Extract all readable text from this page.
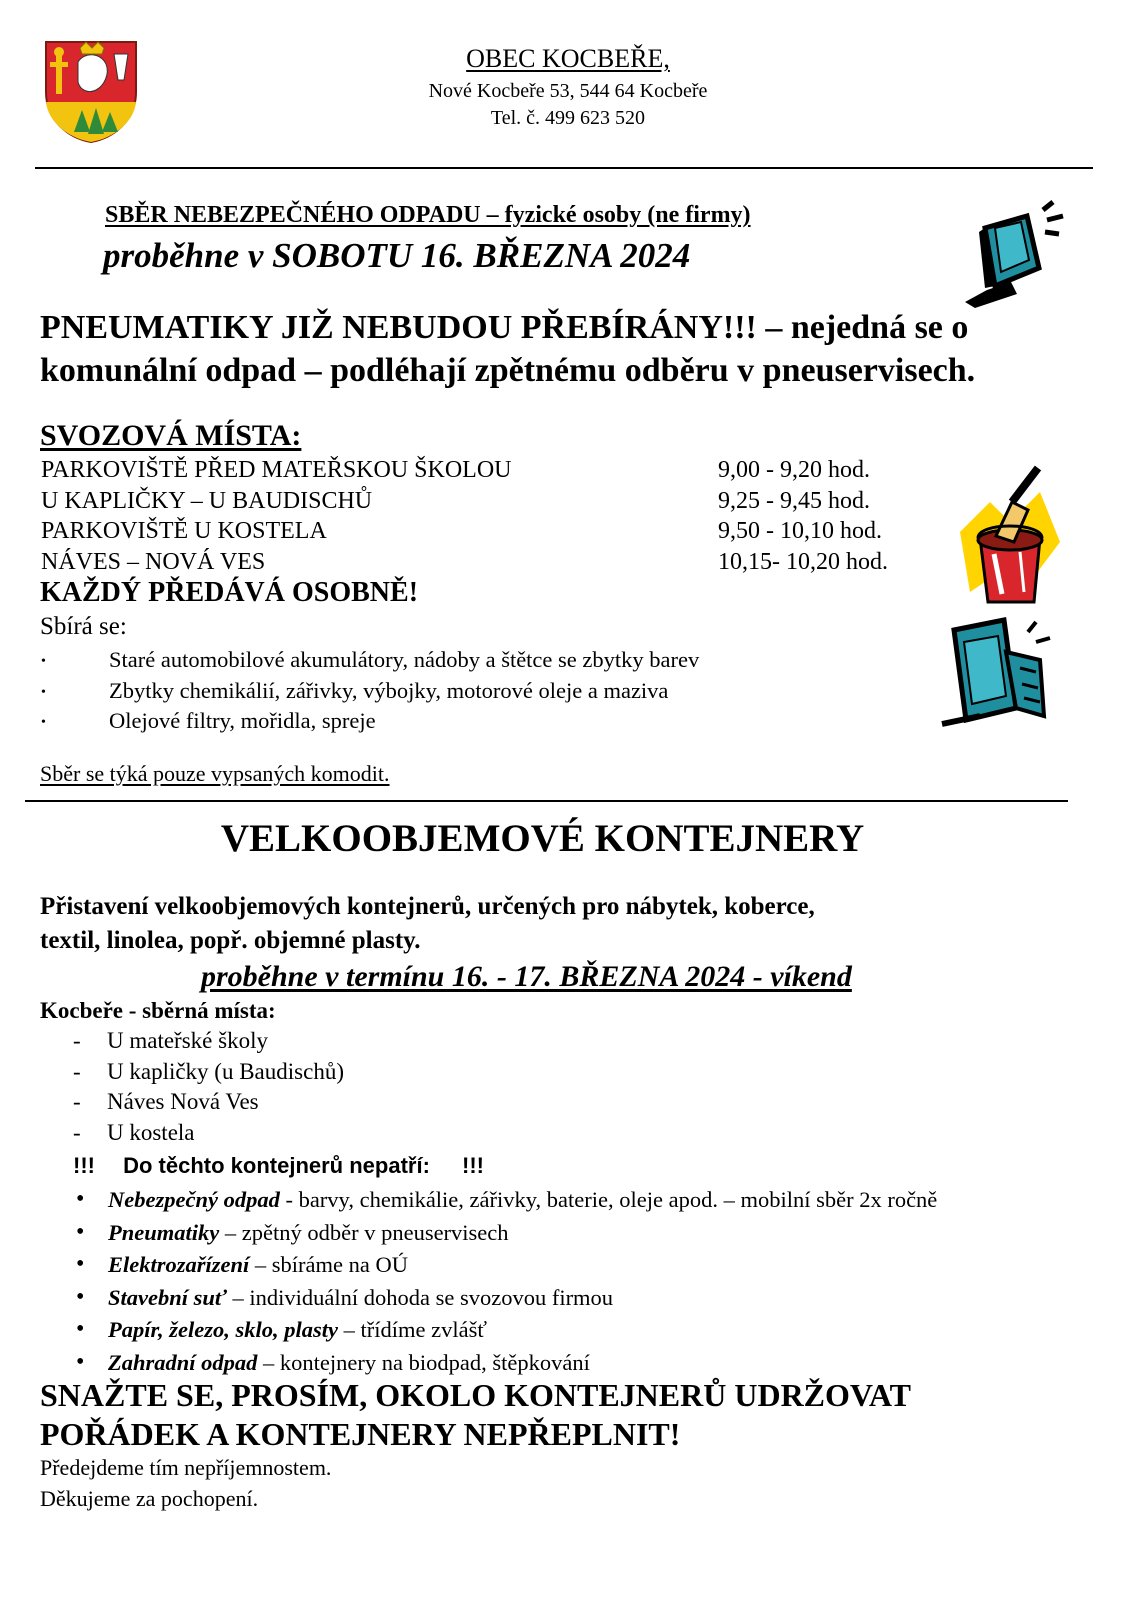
OBEC KOCBEŘE,
Nové Kocbeře 53, 544 64 Kocbeře
Tel. č. 499 623 520
SBĚR NEBEZPEČNÉHO ODPADU – fyzické osoby (ne firmy)
proběhne v SOBOTU 16. BŘEZNA 2024
PNEUMATIKY JIŽ NEBUDOU PŘEBÍRÁNY!!! – nejedná se o
komunální odpad – podléhají zpětnému odběru v pneuservisech.
SVOZOVÁ MÍSTA:
PARKOVIŠTĚ PŘED MATEŘSKOU ŠKOLOU
U KAPLIČKY – U BAUDISCHŮ
PARKOVIŠTĚ U KOSTELA
NÁVES – NOVÁ VES
9,00 - 9,20 hod.
9,25 - 9,45 hod.
9,50 - 10,10 hod.
10,15- 10,20 hod.
KAŽDÝ PŘEDÁVÁ OSOBNĚ!
Sbírá se:
• Staré automobilové akumulátory, nádoby a štětce se zbytky barev
• Zbytky chemikálií, zářivky, výbojky, motorové oleje a maziva
• Olejové filtry, mořidla, spreje
Sběr se týká pouze vypsaných komodit.
VELKOOBJEMOVÉ KONTEJNERY
Přistavení velkoobjemových kontejnerů, určených pro nábytek, koberce,
textil, linolea, popř. objemné plasty.
proběhne v termínu 16. - 17. BŘEZNA 2024 - víkend
Kocbeře - sběrná místa:
- U mateřské školy
- U kapličky (u Baudischů)
- Náves Nová Ves
- U kostela
!!! Do těchto kontejnerů nepatří: !!!
• Nebezpečný odpad - barvy, chemikálie, zářivky, baterie, oleje apod. – mobilní sběr 2x ročně
• Pneumatiky – zpětný odběr v pneuservisech
• Elektrozařízení – sbíráme na OÚ
• Stavební suť – individuální dohoda se svozovou firmou
• Papír, železo, sklo, plasty – třídíme zvlášť
• Zahradní odpad – kontejnery na biodpad, štěpkování
SNAŽTE SE, PROSÍM, OKOLO KONTEJNERŮ UDRŽOVAT
POŘÁDEK A KONTEJNERY NEPŘEPLNIT!
Předejdeme tím nepříjemnostem.
Děkujeme za pochopení.
